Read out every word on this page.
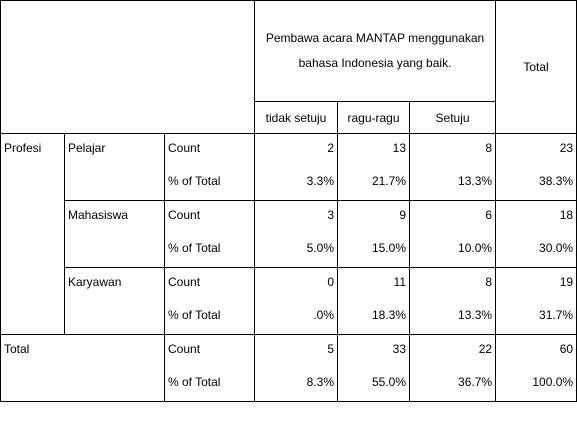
			Pembawa acara MANTAP menggunakan bahasa Indonesia yang baik.			Total
			tidak setuju	ragu-ragu	Setuju	
Profesi	Pelajar	Count	2	13	8	23
		% of Total	3.3%	21.7%	13.3%	38.3%
	Mahasiswa	Count	3	9	6	18
		% of Total	5.0%	15.0%	10.0%	30.0%
	Karyawan	Count	0	11	8	19
		% of Total	.0%	18.3%	13.3%	31.7%
Total		Count	5	33	22	60
		% of Total	8.3%	55.0%	36.7%	100.0%
